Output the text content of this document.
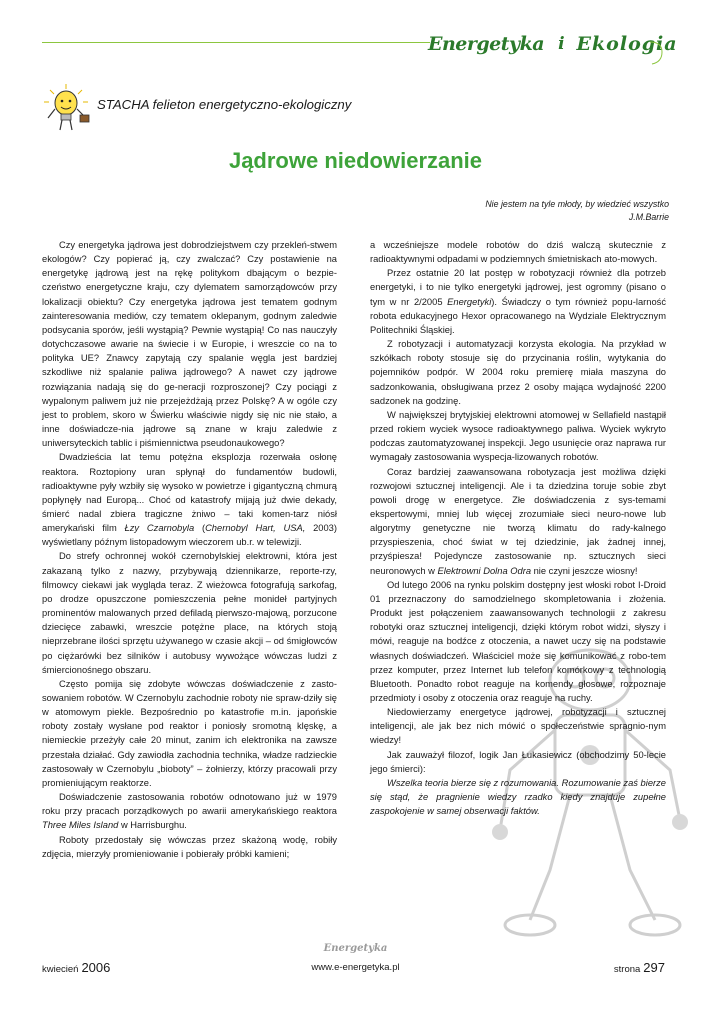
Energetyka i Ekologia
STACHA felieton energetyczno-ekologiczny
Jądrowe niedowierzanie
Nie jestem na tyle młody, by wiedzieć wszystko
J.M.Barrie

Czy energetyka jądrowa jest dobrodziejstwem czy przekleń-stwem ekologów? Czy popierać ją, czy zwalczać? Czy postawienie na energetykę jądrową jest na rękę politykom dbającym o bezpie-czeństwo energetyczne kraju, czy dylematem samorządowców przy lokalizacji obiektu? Czy energetyka jądrowa jest tematem godnym zainteresowania mediów, czy tematem oklepanym, godnym zaledwie podsycania sporów, jeśli wystąpią? Pewnie wystąpią! Co nas nauczyły dotychczasowe awarie na świecie i w Europie, i wreszcie co na to polityka UE? Znawcy zapytają czy spalanie węgla jest bardziej szkodliwe niż spalanie paliwa jądrowego? A nawet czy jądrowe rozwiązania nadają się do ge-neracji rozproszonej? Czy pociągi z wypalonym paliwem już nie przejeżdżają przez Polskę? A w ogóle czy jest to problem, skoro w Świerku właściwie nigdy się nic nie stało, a inne doświadcze-nia jądrowe są znane w kraju zaledwie z uniwersyteckich tablic i piśmiennictwa pseudonaukowego?

Dwadzieścia lat temu potężna eksplozja rozerwała osłonę reaktora. Roztopiony uran spłynął do fundamentów budowli, radioaktywne pyły wzbiły się wysoko w powietrze i gigantyczną chmurą popłynęły nad Europą... Choć od katastrofy mijają już dwie dekady, śmierć nadal zbiera tragiczne żniwo – taki komen-tarz niósł amerykański film Łzy Czarnobyla (Chernobyl Hart, USA, 2003) wyświetlany późnym listopadowym wieczorem ub.r. w telewizji.

Do strefy ochronnej wokół czernobylskiej elektrowni, która jest zakazaną tylko z nazwy, przybywają dziennikarze, reporte-rzy, filmowcy ciekawi jak wygląda teraz. Z wieżowca fotografują sarkofag, po drodze opuszczone pomieszczenia pełne monideł partyjnych prominentów malowanych przed defiladą pierwszo-majową, porzucone dziecięce zabawki, wreszcie potężne place, na których stoją nieprzebrane ilości sprzętu używanego w czasie akcji – od śmigłowców po ciężarówki bez silników i autobusy wywożące wówczas ludzi z śmiercionośnego obszaru.

Często pomija się zdobyte wówczas doświadczenie z zasto-sowaniem robotów. W Czernobylu zachodnie roboty nie spraw-dziły się w atomowym piekle. Bezpośrednio po katastrofie m.in. japońskie roboty zostały wysłane pod reaktor i poniosły sromotną klęskę, a niemieckie przeżyły całe 20 minut, zanim ich elektronika na zawsze przestała działać. Gdy zawiodła zachodnia technika, władze radzieckie zastosowały w Czernobylu „bioboty” – żołnierzy, którzy pracowali przy promieniującym reaktorze.

Doświadczenie zastosowania robotów odnotowano już w 1979 roku przy pracach porządkowych po awarii amerykańskiego reaktora Three Miles Island w Harrisburghu.

Roboty przedostały się wówczas przez skażoną wodę, robiły zdjęcia, mierzyły promieniowanie i pobierały próbki kamieni;

a wcześniejsze modele robotów do dziś walczą skutecznie z radioaktywnymi odpadami w podziemnych śmietniskach ato-mowych.

Przez ostatnie 20 lat postęp w robotyzacji również dla potrzeb energetyki, i to nie tylko energetyki jądrowej, jest ogromny (pisano o tym w nr 2/2005 Energetyki). Świadczy o tym również popu-larność robota edukacyjnego Hexor opracowanego na Wydziale Elektrycznym Politechniki Śląskiej.

Z robotyzacji i automatyzacji korzysta ekologia. Na przykład w szkółkach roboty stosuje się do przycinania roślin, wytykania do pojemników podpór. W 2004 roku premierę miała maszyna do sadzonkowania, obsługiwana przez 2 osoby mająca wydajność 2200 sadzonek na godzinę.

W największej brytyjskiej elektrowni atomowej w Sellafield nastąpił przed rokiem wyciek wysoce radioaktywnego paliwa. Wyciek wykryto podczas zautomatyzowanej inspekcji. Jego usunięcie oraz naprawa rur wymagały zastosowania wyspecja-lizowanych robotów.

Coraz bardziej zaawansowana robotyzacja jest możliwa dzięki rozwojowi sztucznej inteligencji. Ale i ta dziedzina toruje sobie zbyt powoli drogę w energetyce. Złe doświadczenia z sys-temami ekspertowymi, mniej lub więcej zrozumiałe sieci neuro-nowe lub algorytmy genetyczne nie tworzą klimatu do rady-kalnego przyspieszenia, choć świat w tej dziedzinie, jak żadnej innej, przyśpiesza! Pojedyncze zastosowanie np. sztucznych sieci neuronowych w Elektrowni Dolna Odra nie czyni jeszcze wiosny!

Od lutego 2006 na rynku polskim dostępny jest włoski robot I-Droid 01 przeznaczony do samodzielnego skompletowania i złożenia. Produkt jest połączeniem zaawansowanych technologii z zakresu robotyki oraz sztucznej inteligencji, dzięki którym robot widzi, słyszy i mówi, reaguje na bodźce z otoczenia, a nawet uczy się na podstawie własnych doświadczeń. Właściciel może się komunikować z robo-tem przez komputer, przez Internet lub telefon komórkowy z technologią Bluetooth. Ponadto robot reaguje na komendy głosowe, rozpoznaje przedmioty i osoby z otoczenia oraz reaguje na ruchy.

Niedowierzamy energetyce jądrowej, robotyzacji i sztucznej inteligencji, ale jak bez nich mówić o społeczeństwie spragnio-nym wiedzy!

Jak zauważył filozof, logik Jan Łukasiewicz (obchodzimy 50-lecie jego śmierci):

Wszelka teoria bierze się z rozumowania. Rozumowanie zaś bierze się stąd, że pragnienie wiedzy rzadko kiedy znajduje zupełne zaspokojenie w samej obserwacji faktów.

Energetyka
kwiecień 2006	www.e-energetyka.pl	strona 297
